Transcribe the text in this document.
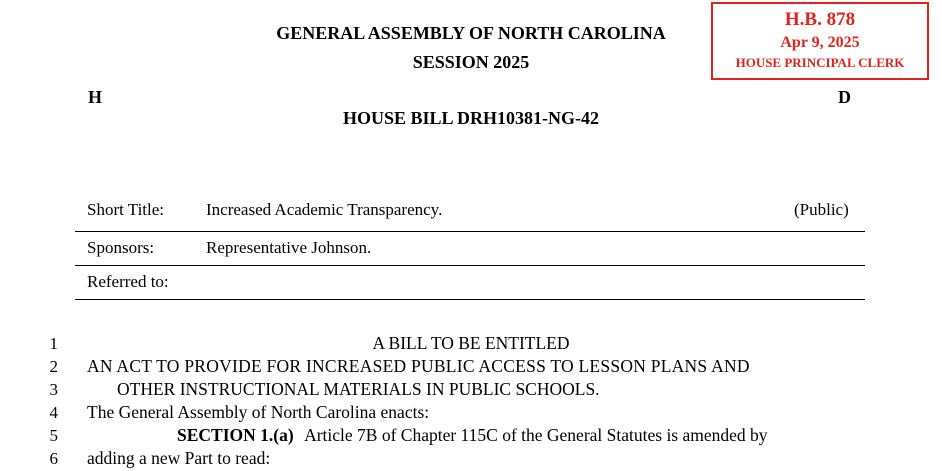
GENERAL ASSEMBLY OF NORTH CAROLINA
SESSION 2025
H	D
HOUSE BILL DRH10381-NG-42
H.B. 878
Apr 9, 2025
HOUSE PRINCIPAL CLERK
Short Title: Increased Academic Transparency.	(Public)
Sponsors:	Representative Johnson.
Referred to:
1	A BILL TO BE ENTITLED
2 AN ACT TO PROVIDE FOR INCREASED PUBLIC ACCESS TO LESSON PLANS AND
3	OTHER INSTRUCTIONAL MATERIALS IN PUBLIC SCHOOLS.
4 The General Assembly of North Carolina enacts:
5	SECTION 1.(a) Article 7B of Chapter 115C of the General Statutes is amended by
6 adding a new Part to read:
